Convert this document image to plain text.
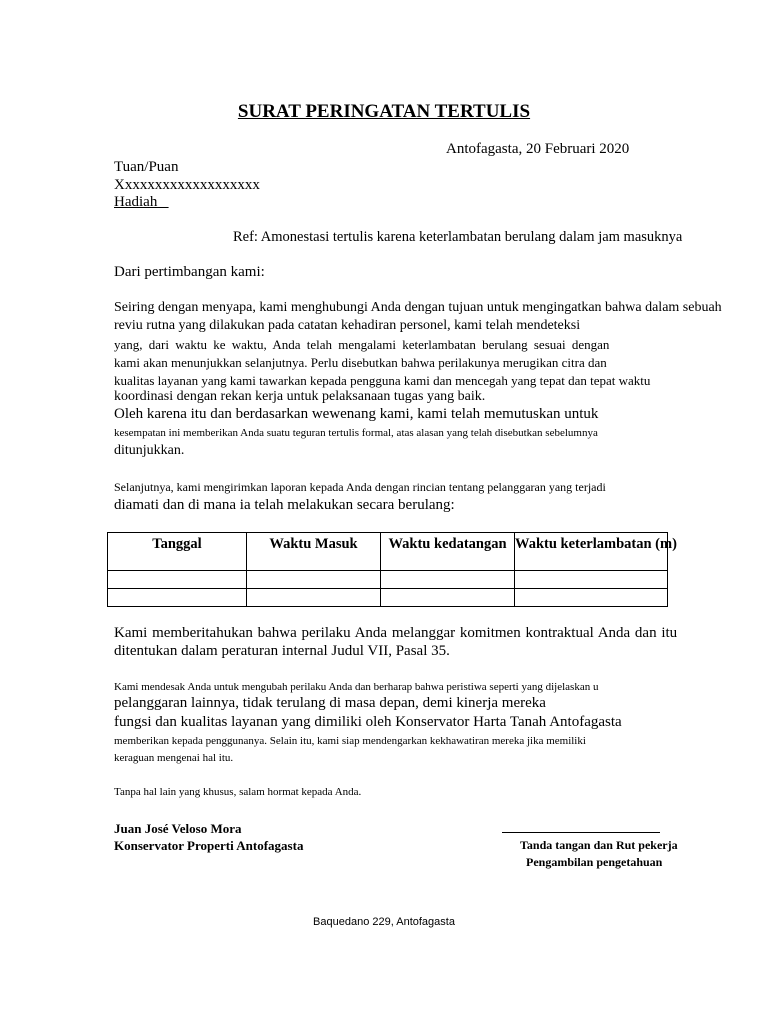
SURAT PERINGATAN TERTULIS
Antofagasta, 20 Februari 2020
Tuan/Puan
Xxxxxxxxxxxxxxxxxxx
Hadiah
Ref: Amonestasi tertulis karena keterlambatan berulang dalam jam masuknya
Dari pertimbangan kami:
Seiring dengan menyapa, kami menghubungi Anda dengan tujuan untuk mengingatkan bahwa dalam sebuah
reviu rutna yang dilakukan pada catatan kehadiran personel, kami telah mendeteksi
yang, dari waktu ke waktu, Anda telah mengalami keterlambatan berulang sesuai dengan
kami akan menunjukkan selanjutnya. Perlu disebutkan bahwa perilakunya merugikan citra dan
kualitas layanan yang kami tawarkan kepada pengguna kami dan mencegah yang tepat dan tepat waktu
koordinasi dengan rekan kerja untuk pelaksanaan tugas yang baik.
Oleh karena itu dan berdasarkan wewenang kami, kami telah memutuskan untuk
kesempatan ini memberikan Anda suatu teguran tertulis formal, atas alasan yang telah disebutkan sebelumnya
ditunjukkan.
Selanjutnya, kami mengirimkan laporan kepada Anda dengan rincian tentang pelanggaran yang terjadi
diamati dan di mana ia telah melakukan secara berulang:
Tanggal	Waktu Masuk	Waktu kedatangan	Waktu keterlambatan (m)

Kami memberitahukan bahwa perilaku Anda melanggar komitmen kontraktual Anda dan itu
ditentukan dalam peraturan internal Judul VII, Pasal 35.
Kami mendesak Anda untuk mengubah perilaku Anda dan berharap bahwa peristiwa seperti yang dijelaskan u
pelanggaran lainnya, tidak terulang di masa depan, demi kinerja mereka
fungsi dan kualitas layanan yang dimiliki oleh Konservator Harta Tanah Antofagasta
memberikan kepada penggunanya. Selain itu, kami siap mendengarkan kekhawatiran mereka jika memiliki
keraguan mengenai hal itu.
Tanpa hal lain yang khusus, salam hormat kepada Anda.
Juan José Veloso Mora
Konservator Properti Antofagasta	Tanda tangan dan Rut pekerja
Pengambilan pengetahuan
Baquedano 229, Antofagasta
